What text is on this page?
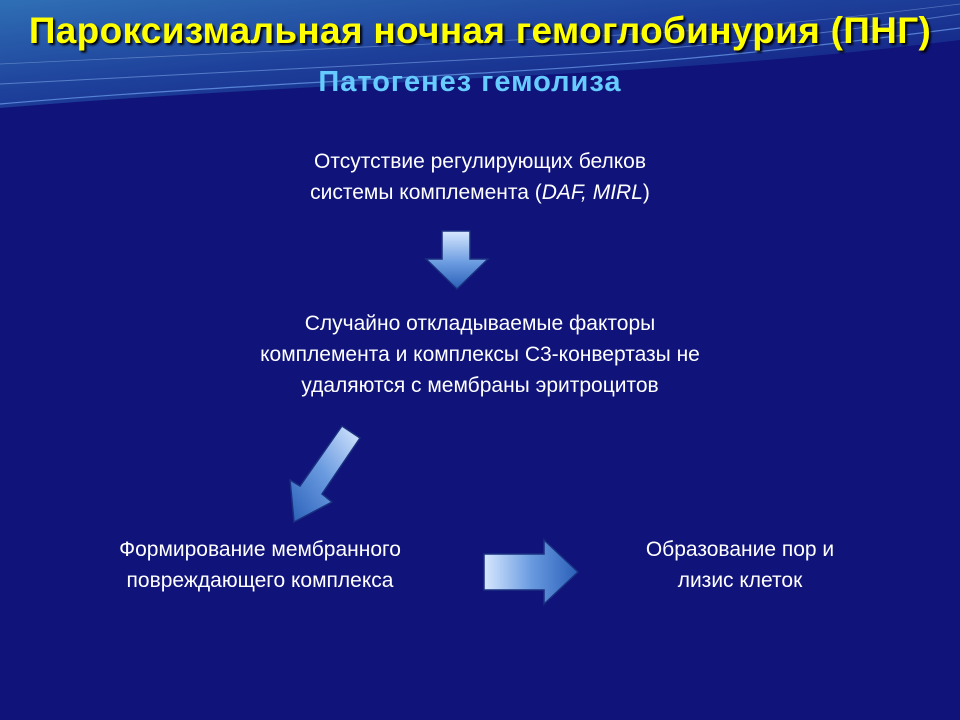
Пароксизмальная ночная гемоглобинурия (ПНГ)
Патогенез гемолиза
Отсутствие регулирующих белков
системы комплемента (DAF, MIRL)
Случайно откладываемые факторы
комплемента и комплексы С3-конвертазы не
удаляются с мембраны эритроцитов
Формирование мембранного
повреждающего комплекса
Образование пор и
лизис клеток
